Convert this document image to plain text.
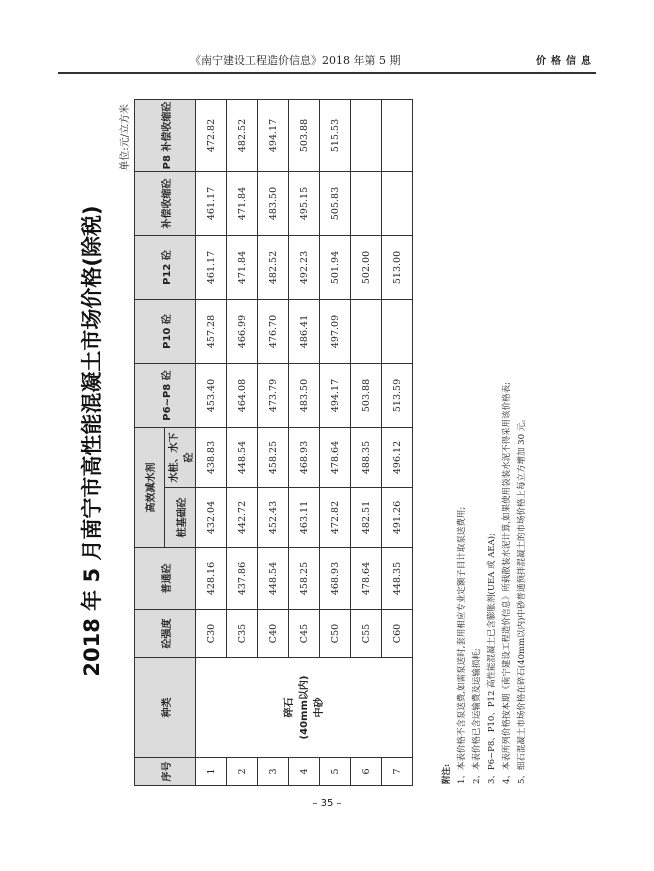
《南宁建设工程造价信息》2018 年第 5 期	价格信息
2018 年 5 月南宁市高性能混凝土市场价格(除税)
单位:元/立方米
序号	种类	砼强度	普通砼	高效减水剂		P6~P8 砼	P10 砼	P12 砼	补偿收缩砼	P8 补偿收缩砼
				桩基础砼	水桩、水下砼					
1	碎石 (40mm以内) 中砂	C30	428.16	432.04	438.83	453.40	457.28	461.17	461.17	472.82
2		C35	437.86	442.72	448.54	464.08	466.99	471.84	471.84	482.52
3		C40	448.54	452.43	458.25	473.79	476.70	482.52	483.50	494.17
4		C45	458.25	463.11	468.93	483.50	486.41	492.23	495.15	503.88
5		C50	468.93	472.82	478.64	494.17	497.09	501.94	505.83	515.53
6		C55	478.64	482.51	488.35	503.88		502.00		
7		C60	448.35	491.26	496.12	513.59		513.00		
附注: 1、本表价格不含泵送费,如需泵送时,套用相应专业定额子目计取泵送费用; 2、本表价格已含运输费及运输损耗; 3、P6~P8、P10、P12 高性能混凝土已含膨胀剂(UEA 或 AEA); 4、本表所列价格按本期《南宁建设工程造价信息》所载散装水泥计算,如果使用袋装水泥不得采用该价格表; 5、细石混凝土市场价格在碎石(40mm以内)中砂普通预拌混凝土的市场价格上每立方增加 30 元。
– 35 –
